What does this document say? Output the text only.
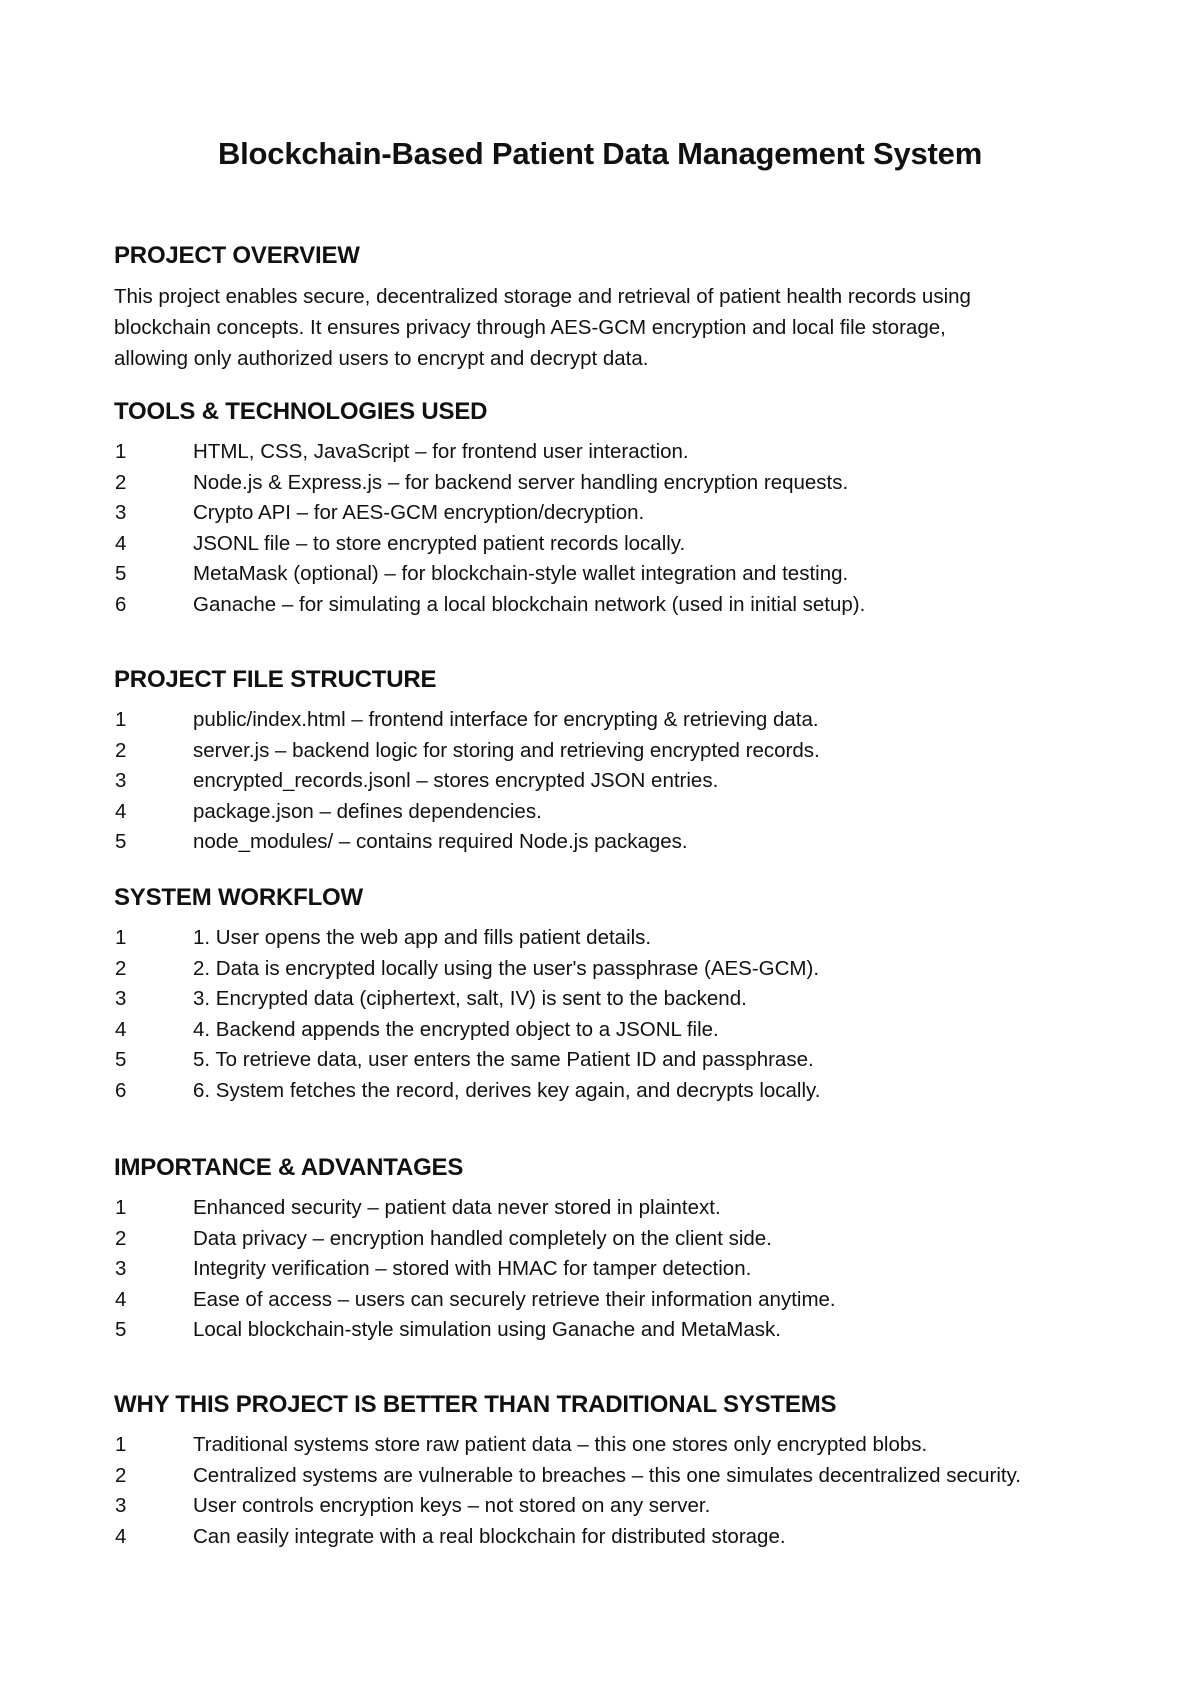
Blockchain-Based Patient Data Management System
PROJECT OVERVIEW

This project enables secure, decentralized storage and retrieval of patient health records using
blockchain concepts. It ensures privacy through AES-GCM encryption and local file storage,
allowing only authorized users to encrypt and decrypt data.

TOOLS & TECHNOLOGIES USED
1	HTML, CSS, JavaScript – for frontend user interaction.
2	Node.js & Express.js – for backend server handling encryption requests.
3	Crypto API – for AES-GCM encryption/decryption.
4	JSONL file – to store encrypted patient records locally.
5	MetaMask (optional) – for blockchain-style wallet integration and testing.
6	Ganache – for simulating a local blockchain network (used in initial setup).
PROJECT FILE STRUCTURE
1	public/index.html – frontend interface for encrypting & retrieving data.
2	server.js – backend logic for storing and retrieving encrypted records.
3	encrypted_records.jsonl – stores encrypted JSON entries.
4	package.json – defines dependencies.
5	node_modules/ – contains required Node.js packages.
SYSTEM WORKFLOW
1	1. User opens the web app and fills patient details.
2	2. Data is encrypted locally using the user's passphrase (AES-GCM).
3	3. Encrypted data (ciphertext, salt, IV) is sent to the backend.
4	4. Backend appends the encrypted object to a JSONL file.
5	5. To retrieve data, user enters the same Patient ID and passphrase.
6	6. System fetches the record, derives key again, and decrypts locally.
IMPORTANCE & ADVANTAGES
1	Enhanced security – patient data never stored in plaintext.
2	Data privacy – encryption handled completely on the client side.
3	Integrity verification – stored with HMAC for tamper detection.
4	Ease of access – users can securely retrieve their information anytime.
5	Local blockchain-style simulation using Ganache and MetaMask.
WHY THIS PROJECT IS BETTER THAN TRADITIONAL SYSTEMS
1	Traditional systems store raw patient data – this one stores only encrypted blobs.
2	Centralized systems are vulnerable to breaches – this one simulates decentralized security.
3	User controls encryption keys – not stored on any server.
4	Can easily integrate with a real blockchain for distributed storage.
